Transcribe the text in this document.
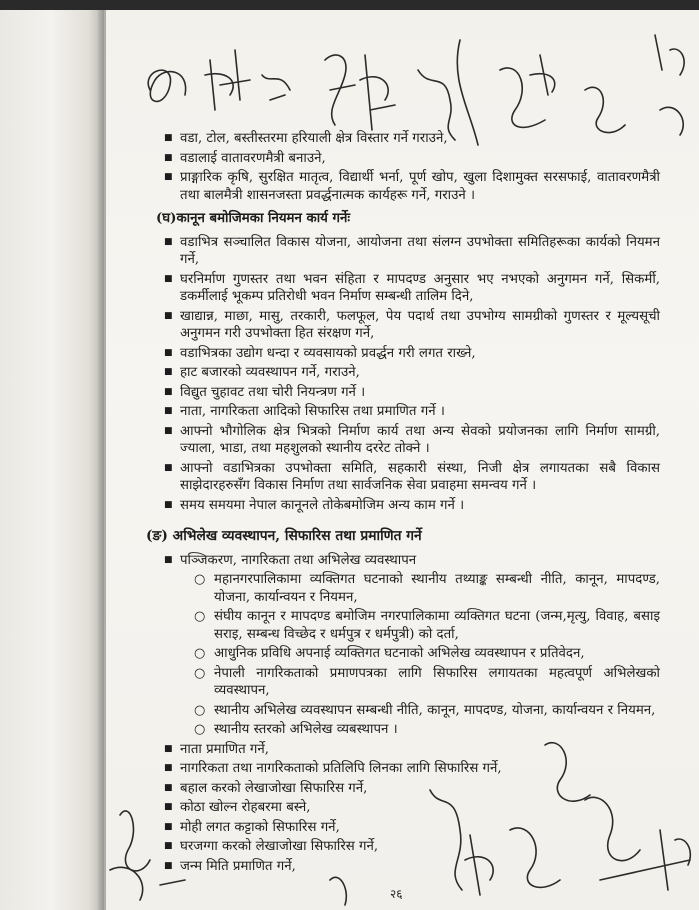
■ वडा, टोल, बस्तीस्तरमा हरियाली क्षेत्र विस्तार गर्ने गराउने,
■ वडालाई वातावरणमैत्री बनाउने,
■ प्राङ्गारिक कृषि, सुरक्षित मातृत्व, विद्यार्थी भर्ना, पूर्ण खोप, खुला दिशामुक्त सरसफाई, वातावरणमैत्री तथा बालमैत्री शासनजस्ता प्रवर्द्धनात्मक कार्यहरू गर्ने, गराउने ।
(घ)कानून बमोजिमका नियमन कार्य गर्नेः
■ वडाभित्र सञ्चालित विकास योजना, आयोजना तथा संलग्न उपभोक्ता समितिहरूका कार्यको नियमन गर्ने,
■ घरनिर्माण गुणस्तर तथा भवन संहिता र मापदण्ड अनुसार भए नभएको अनुगमन गर्ने, सिकर्मी, डकर्मीलाई भूकम्प प्रतिरोधी भवन निर्माण सम्बन्धी तालिम दिने,
■ खाद्यान्न, माछा, मासु, तरकारी, फलफूल, पेय पदार्थ तथा उपभोग्य सामग्रीको गुणस्तर र मूल्यसूची अनुगमन गरी उपभोक्ता हित संरक्षण गर्ने,
■ वडाभित्रका उद्योग धन्दा र व्यवसायको प्रवर्द्धन गरी लगत राख्ने,
■ हाट बजारको व्यवस्थापन गर्ने, गराउने,
■ विद्युत चुहावट तथा चोरी नियन्त्रण गर्ने ।
■ नाता, नागरिकता आदिको सिफारिस तथा प्रमाणित गर्ने ।
■ आफ्नो भौगोलिक क्षेत्र भित्रको निर्माण कार्य तथा अन्य सेवको प्रयोजनका लागि निर्माण सामग्री, ज्याला, भाडा, तथा महशुलको स्थानीय दररेट तोक्ने ।
■ आफ्नो वडाभित्रका उपभोक्ता समिति, सहकारी संस्था, निजी क्षेत्र लगायतका सबै विकास साझेदारहरुसँग विकास निर्माण तथा सार्वजनिक सेवा प्रवाहमा समन्वय गर्ने ।
■ समय समयमा नेपाल कानूनले तोकेबमोजिम अन्य काम गर्ने ।
(ङ) अभिलेख व्यवस्थापन, सिफारिस तथा प्रमाणित गर्ने
■ पञ्जिकरण, नागरिकता तथा अभिलेख व्यवस्थापन
○ महानगरपालिकामा व्यक्तिगत घटनाको स्थानीय तथ्याङ्क सम्बन्धी नीति, कानून, मापदण्ड, योजना, कार्यान्वयन र नियमन,
○ संघीय कानून र मापदण्ड बमोजिम नगरपालिकामा व्यक्तिगत घटना (जन्म,मृत्यु, विवाह, बसाइ सराइ, सम्बन्ध विच्छेद र धर्मपुत्र र धर्मपुत्री) को दर्ता,
○ आधुनिक प्रविधि अपनाई व्यक्तिगत घटनाको अभिलेख व्यवस्थापन र प्रतिवेदन,
○ नेपाली नागरिकताको प्रमाणपत्रका लागि सिफारिस लगायतका महत्वपूर्ण अभिलेखको व्यवस्थापन,
○ स्थानीय अभिलेख व्यवस्थापन सम्बन्धी नीति, कानून, मापदण्ड, योजना, कार्यान्वयन र नियमन,
○ स्थानीय स्तरको अभिलेख व्यबस्थापन ।
■ नाता प्रमाणित गर्ने,
■ नागरिकता तथा नागरिकताको प्रतिलिपि लिनका लागि सिफारिस गर्ने,
■ बहाल करको लेखाजोखा सिफारिस गर्ने,
■ कोठा खोल्न रोहबरमा बस्ने,
■ मोही लगत कट्टाको सिफारिस गर्ने,
■ घरजग्गा करको लेखाजोखा सिफारिस गर्ने,
■ जन्म मिति प्रमाणित गर्ने,
२६
